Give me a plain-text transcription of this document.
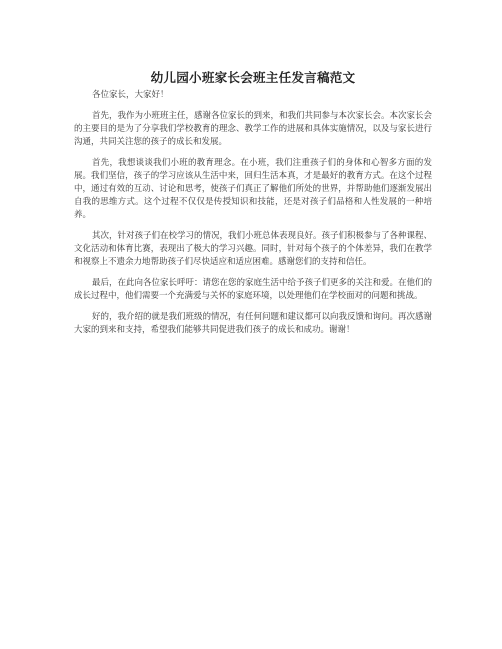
幼儿园小班家长会班主任发言稿范文

各位家长，大家好！

首先，我作为小班班主任，感谢各位家长的到来，和我们共同参与本次家长会。本次家长会的主要目的是为了分享我们学校教育的理念、教学工作的进展和具体实施情况，以及与家长进行沟通，共同关注您的孩子的成长和发展。

首先，我想谈谈我们小班的教育理念。在小班，我们注重孩子们的身体和心智多方面的发展。我们坚信，孩子的学习应该从生活中来，回归生活本真，才是最好的教育方式。在这个过程中，通过有效的互动、讨论和思考，使孩子们真正了解他们所处的世界，并帮助他们逐渐发展出自我的思维方式。这个过程不仅仅是传授知识和技能，还是对孩子们品格和人性发展的一种培养。

其次，针对孩子们在校学习的情况，我们小班总体表现良好。孩子们积极参与了各种课程、文化活动和体育比赛，表现出了极大的学习兴趣。同时，针对每个孩子的个体差异，我们在教学和视察上不遗余力地帮助孩子们尽快适应和适应困难。感谢您们的支持和信任。

最后，在此向各位家长呼吁：请您在您的家庭生活中给予孩子们更多的关注和爱。在他们的成长过程中，他们需要一个充满爱与关怀的家庭环境，以处理他们在学校面对的问题和挑战。

好的，我介绍的就是我们班级的情况，有任何问题和建议都可以向我反馈和询问。再次感谢大家的到来和支持，希望我们能够共同促进我们孩子的成长和成功。谢谢！
